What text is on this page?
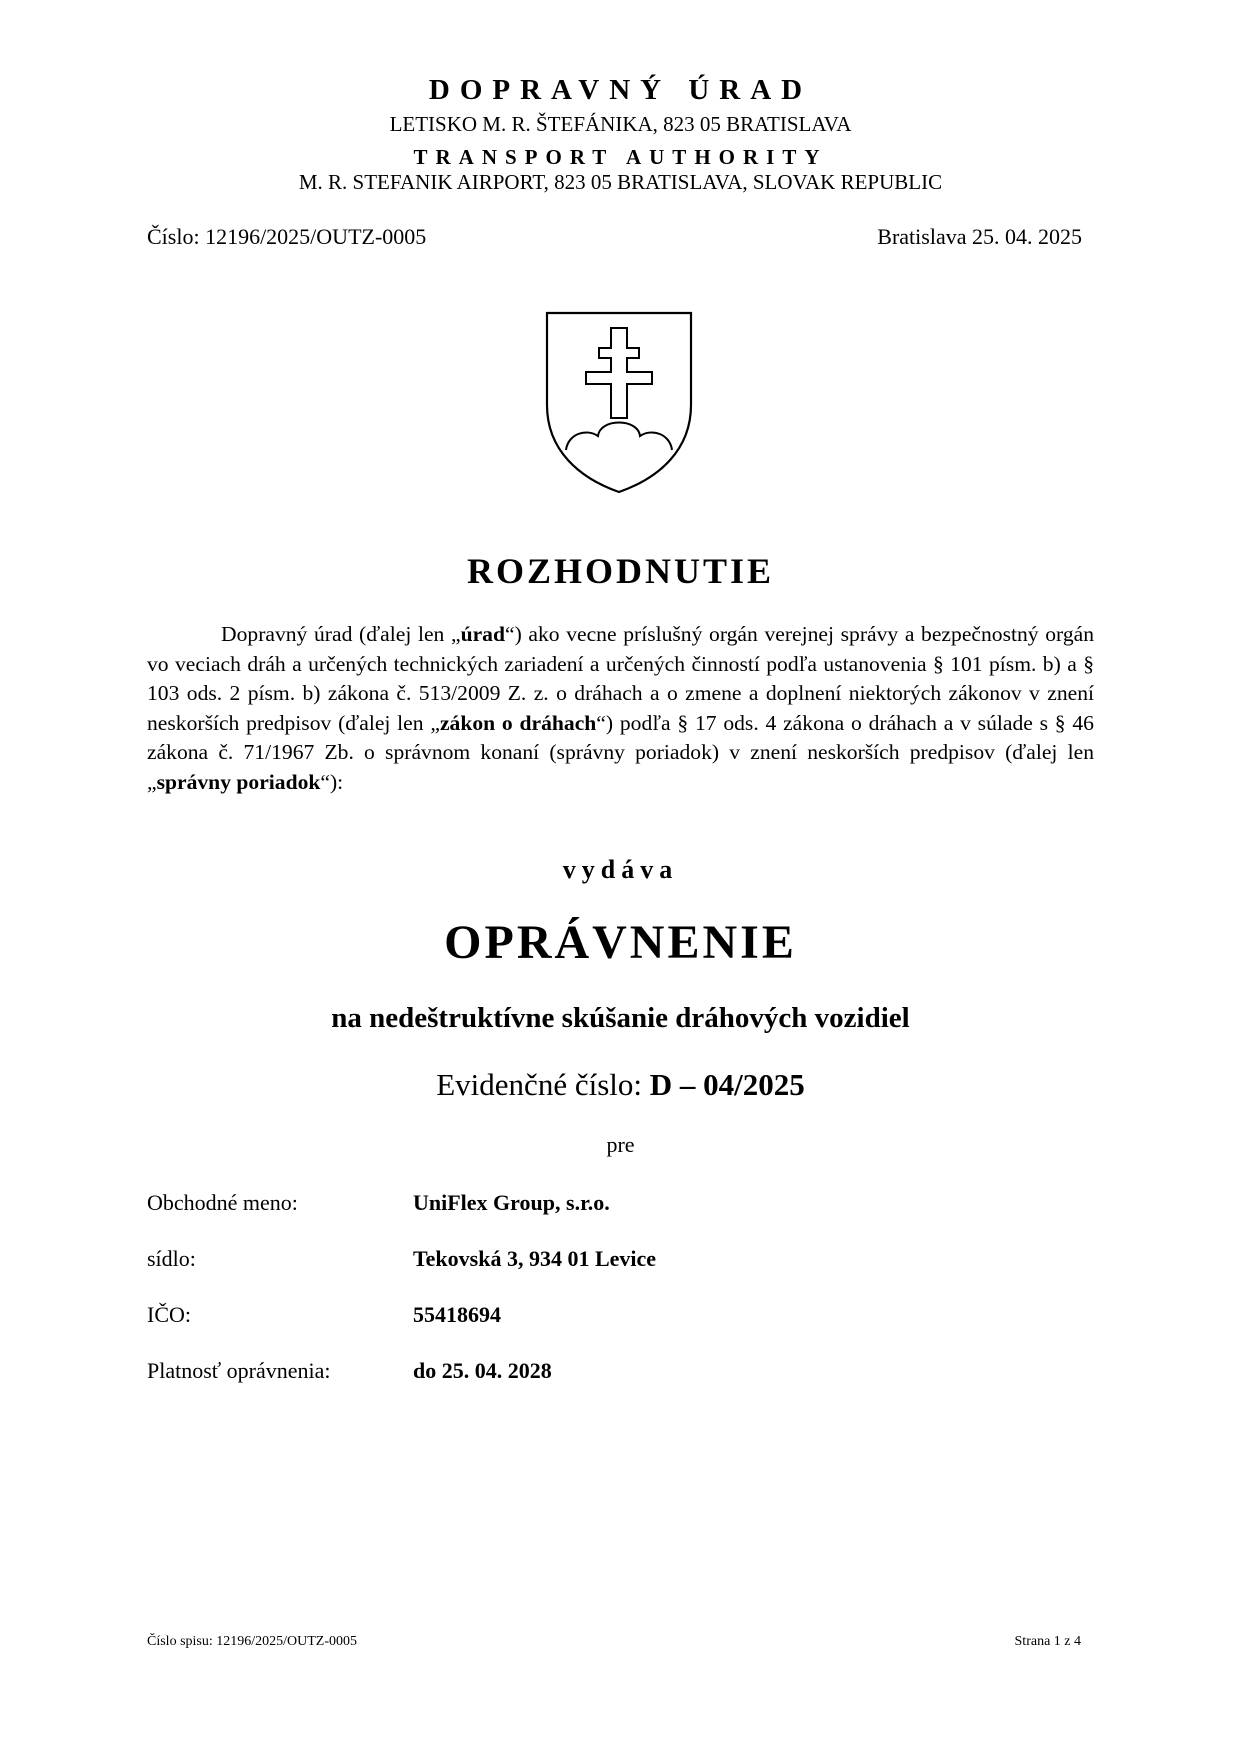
DOPRAVNÝ ÚRAD
LETISKO M. R. ŠTEFÁNIKA, 823 05 BRATISLAVA
TRANSPORT AUTHORITY
M. R. STEFANIK AIRPORT, 823 05 BRATISLAVA, SLOVAK REPUBLIC
Číslo: 12196/2025/OUTZ-0005	Bratislava 25. 04. 2025
ROZHODNUTIE

Dopravný úrad (ďalej len „úrad“) ako vecne príslušný orgán verejnej správy a bezpečnostný orgán vo veciach dráh a určených technických zariadení a určených činností podľa ustanovenia § 101 písm. b) a § 103 ods. 2 písm. b) zákona č. 513/2009 Z. z. o dráhach a o zmene a doplnení niektorých zákonov v znení neskorších predpisov (ďalej len „zákon o dráhach“) podľa § 17 ods. 4 zákona o dráhach a v súlade s § 46 zákona č. 71/1967 Zb. o správnom konaní (správny poriadok) v znení neskorších predpisov (ďalej len „správny poriadok“):

vydáva
OPRÁVNENIE
na nedeštruktívne skúšanie dráhových vozidiel
Evidenčné číslo: D – 04/2025
pre
Obchodné meno:	UniFlex Group, s.r.o.
sídlo:	Tekovská 3, 934 01 Levice
IČO:	55418694
Platnosť oprávnenia:	do 25. 04. 2028
Číslo spisu: 12196/2025/OUTZ-0005	Strana 1 z 4
